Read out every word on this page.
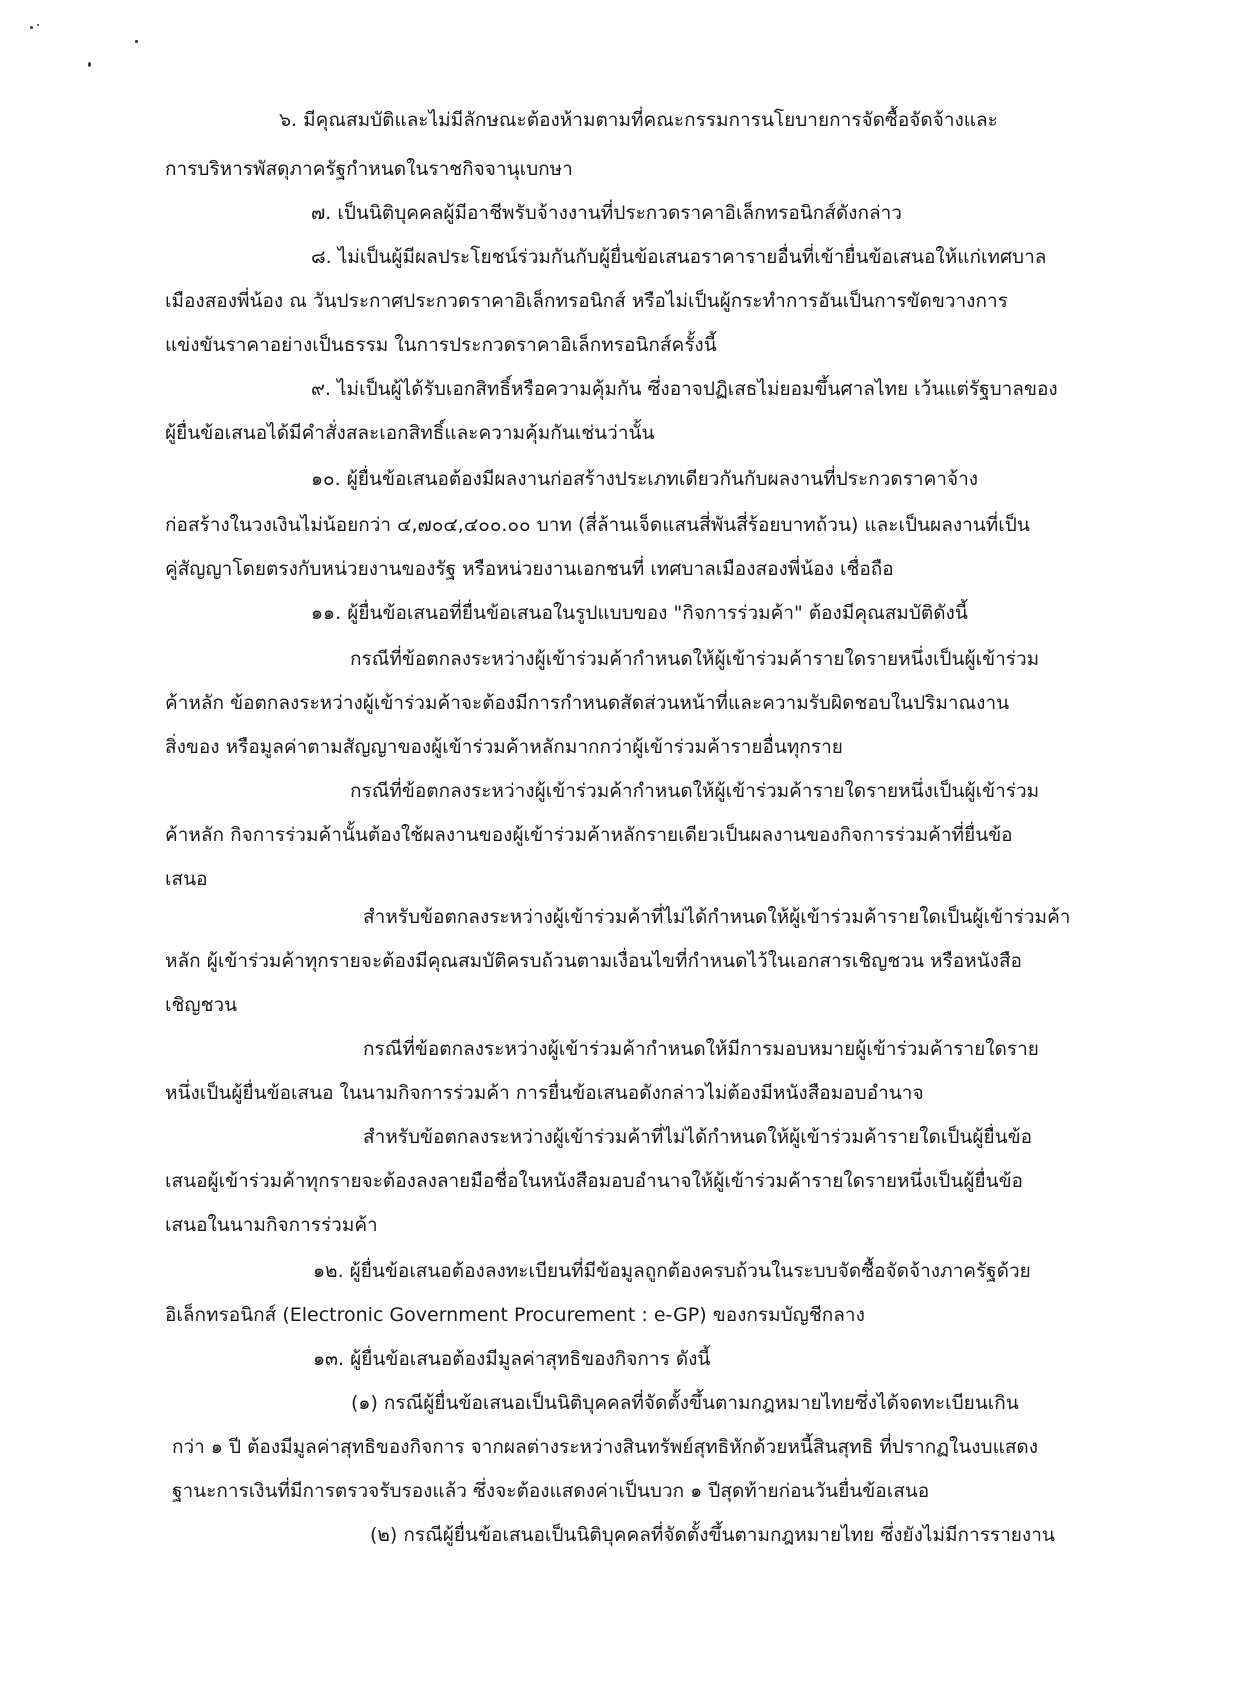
๖. มีคุณสมบัติและไม่มีลักษณะต้องห้ามตามที่คณะกรรมการนโยบายการจัดซื้อจัดจ้างและ
การบริหารพัสดุภาครัฐกำหนดในราชกิจจานุเบกษา
๗. เป็นนิติบุคคลผู้มีอาชีพรับจ้างงานที่ประกวดราคาอิเล็กทรอนิกส์ดังกล่าว
๘. ไม่เป็นผู้มีผลประโยชน์ร่วมกันกับผู้ยื่นข้อเสนอราคารายอื่นที่เข้ายื่นข้อเสนอให้แก่เทศบาล
เมืองสองพี่น้อง ณ วันประกาศประกวดราคาอิเล็กทรอนิกส์ หรือไม่เป็นผู้กระทำการอันเป็นการขัดขวางการ
แข่งขันราคาอย่างเป็นธรรม ในการประกวดราคาอิเล็กทรอนิกส์ครั้งนี้
๙. ไม่เป็นผู้ได้รับเอกสิทธิ์หรือความคุ้มกัน ซึ่งอาจปฏิเสธไม่ยอมขึ้นศาลไทย เว้นแต่รัฐบาลของ
ผู้ยื่นข้อเสนอได้มีคำสั่งสละเอกสิทธิ์และความคุ้มกันเช่นว่านั้น
๑๐. ผู้ยื่นข้อเสนอต้องมีผลงานก่อสร้างประเภทเดียวกันกับผลงานที่ประกวดราคาจ้าง
ก่อสร้างในวงเงินไม่น้อยกว่า ๔,๗๐๔,๔๐๐.๐๐ บาท (สี่ล้านเจ็ดแสนสี่พันสี่ร้อยบาทถ้วน) และเป็นผลงานที่เป็น
คู่สัญญาโดยตรงกับหน่วยงานของรัฐ หรือหน่วยงานเอกชนที่ เทศบาลเมืองสองพี่น้อง เชื่อถือ
๑๑. ผู้ยื่นข้อเสนอที่ยื่นข้อเสนอในรูปแบบของ "กิจการร่วมค้า" ต้องมีคุณสมบัติดังนี้
กรณีที่ข้อตกลงระหว่างผู้เข้าร่วมค้ากำหนดให้ผู้เข้าร่วมค้ารายใดรายหนึ่งเป็นผู้เข้าร่วม
ค้าหลัก ข้อตกลงระหว่างผู้เข้าร่วมค้าจะต้องมีการกำหนดสัดส่วนหน้าที่และความรับผิดชอบในปริมาณงาน
สิ่งของ หรือมูลค่าตามสัญญาของผู้เข้าร่วมค้าหลักมากกว่าผู้เข้าร่วมค้ารายอื่นทุกราย
กรณีที่ข้อตกลงระหว่างผู้เข้าร่วมค้ากำหนดให้ผู้เข้าร่วมค้ารายใดรายหนึ่งเป็นผู้เข้าร่วม
ค้าหลัก กิจการร่วมค้านั้นต้องใช้ผลงานของผู้เข้าร่วมค้าหลักรายเดียวเป็นผลงานของกิจการร่วมค้าที่ยื่นข้อ
เสนอ
สำหรับข้อตกลงระหว่างผู้เข้าร่วมค้าที่ไม่ได้กำหนดให้ผู้เข้าร่วมค้ารายใดเป็นผู้เข้าร่วมค้า
หลัก ผู้เข้าร่วมค้าทุกรายจะต้องมีคุณสมบัติครบถ้วนตามเงื่อนไขที่กำหนดไว้ในเอกสารเชิญชวน หรือหนังสือ
เชิญชวน
กรณีที่ข้อตกลงระหว่างผู้เข้าร่วมค้ากำหนดให้มีการมอบหมายผู้เข้าร่วมค้ารายใดราย
หนึ่งเป็นผู้ยื่นข้อเสนอ ในนามกิจการร่วมค้า การยื่นข้อเสนอดังกล่าวไม่ต้องมีหนังสือมอบอำนาจ
สำหรับข้อตกลงระหว่างผู้เข้าร่วมค้าที่ไม่ได้กำหนดให้ผู้เข้าร่วมค้ารายใดเป็นผู้ยื่นข้อ
เสนอผู้เข้าร่วมค้าทุกรายจะต้องลงลายมือชื่อในหนังสือมอบอำนาจให้ผู้เข้าร่วมค้ารายใดรายหนึ่งเป็นผู้ยื่นข้อ
เสนอในนามกิจการร่วมค้า
๑๒. ผู้ยื่นข้อเสนอต้องลงทะเบียนที่มีข้อมูลถูกต้องครบถ้วนในระบบจัดซื้อจัดจ้างภาครัฐด้วย
อิเล็กทรอนิกส์ (Electronic Government Procurement : e-GP) ของกรมบัญชีกลาง
๑๓. ผู้ยื่นข้อเสนอต้องมีมูลค่าสุทธิของกิจการ ดังนี้
(๑) กรณีผู้ยื่นข้อเสนอเป็นนิติบุคคลที่จัดตั้งขึ้นตามกฎหมายไทยซึ่งได้จดทะเบียนเกิน
กว่า ๑ ปี ต้องมีมูลค่าสุทธิของกิจการ จากผลต่างระหว่างสินทรัพย์สุทธิหักด้วยหนี้สินสุทธิ ที่ปรากฏในงบแสดง
ฐานะการเงินที่มีการตรวจรับรองแล้ว ซึ่งจะต้องแสดงค่าเป็นบวก ๑ ปีสุดท้ายก่อนวันยื่นข้อเสนอ
(๒) กรณีผู้ยื่นข้อเสนอเป็นนิติบุคคลที่จัดตั้งขึ้นตามกฎหมายไทย ซึ่งยังไม่มีการรายงาน
